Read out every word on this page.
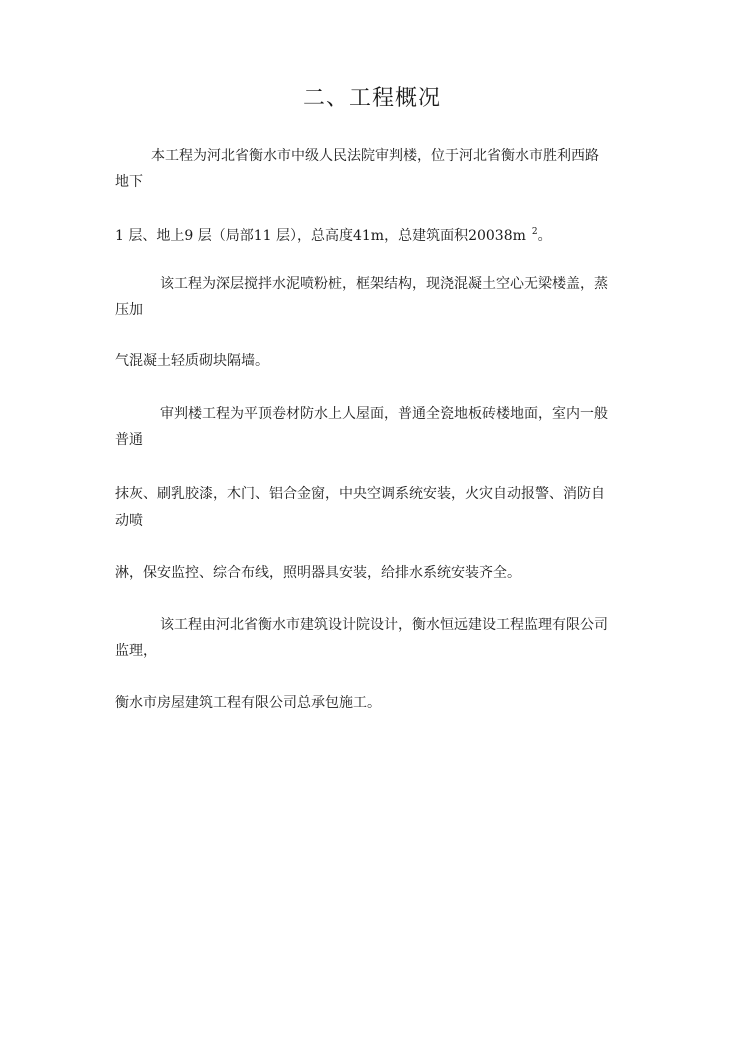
二、工程概况
本工程为河北省衡水市中级人民法院审判楼，位于河北省衡水市胜利西路
地下
1 层、地上9 层（局部11 层），总高度41m，总建筑面积20038m $^2$。
该工程为深层搅拌水泥喷粉桩，框架结构，现浇混凝土空心无梁楼盖，蒸
压加
气混凝土轻质砌块隔墙。
审判楼工程为平顶卷材防水上人屋面，普通全瓷地板砖楼地面，室内一般
普通
抹灰、刷乳胶漆，木门、铝合金窗，中央空调系统安装，火灾自动报警、消防自
动喷
淋，保安监控、综合布线，照明器具安装，给排水系统安装齐全。
该工程由河北省衡水市建筑设计院设计，衡水恒远建设工程监理有限公司
监理，
衡水市房屋建筑工程有限公司总承包施工。
